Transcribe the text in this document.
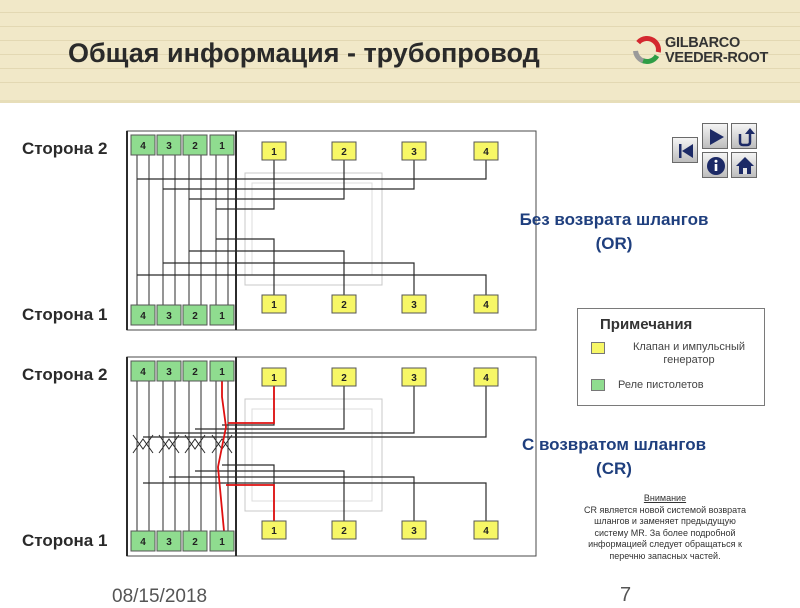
Общая информация - трубопровод	GILBARCO
VEEDER-ROOT
4 3 2 1
4 3 2 1
1	2	3	4
1	2	3	4
4 3 2 1
4 3 2 1
1	2	3	4
1	2	3	4
Сторона 2
Сторона 1
Сторона 2
Сторона 1
Без возврата шлангов
(OR)
Примечания
Клапан и импульсный
генератор
Реле пистолетов
С возвратом шлангов
(CR)
Внимание
CR является новой системой возврата
шлангов и заменяет предыдущую
систему MR. За более подробной
информацией следует обращаться к
перечню запасных частей.
08/15/2018	7
